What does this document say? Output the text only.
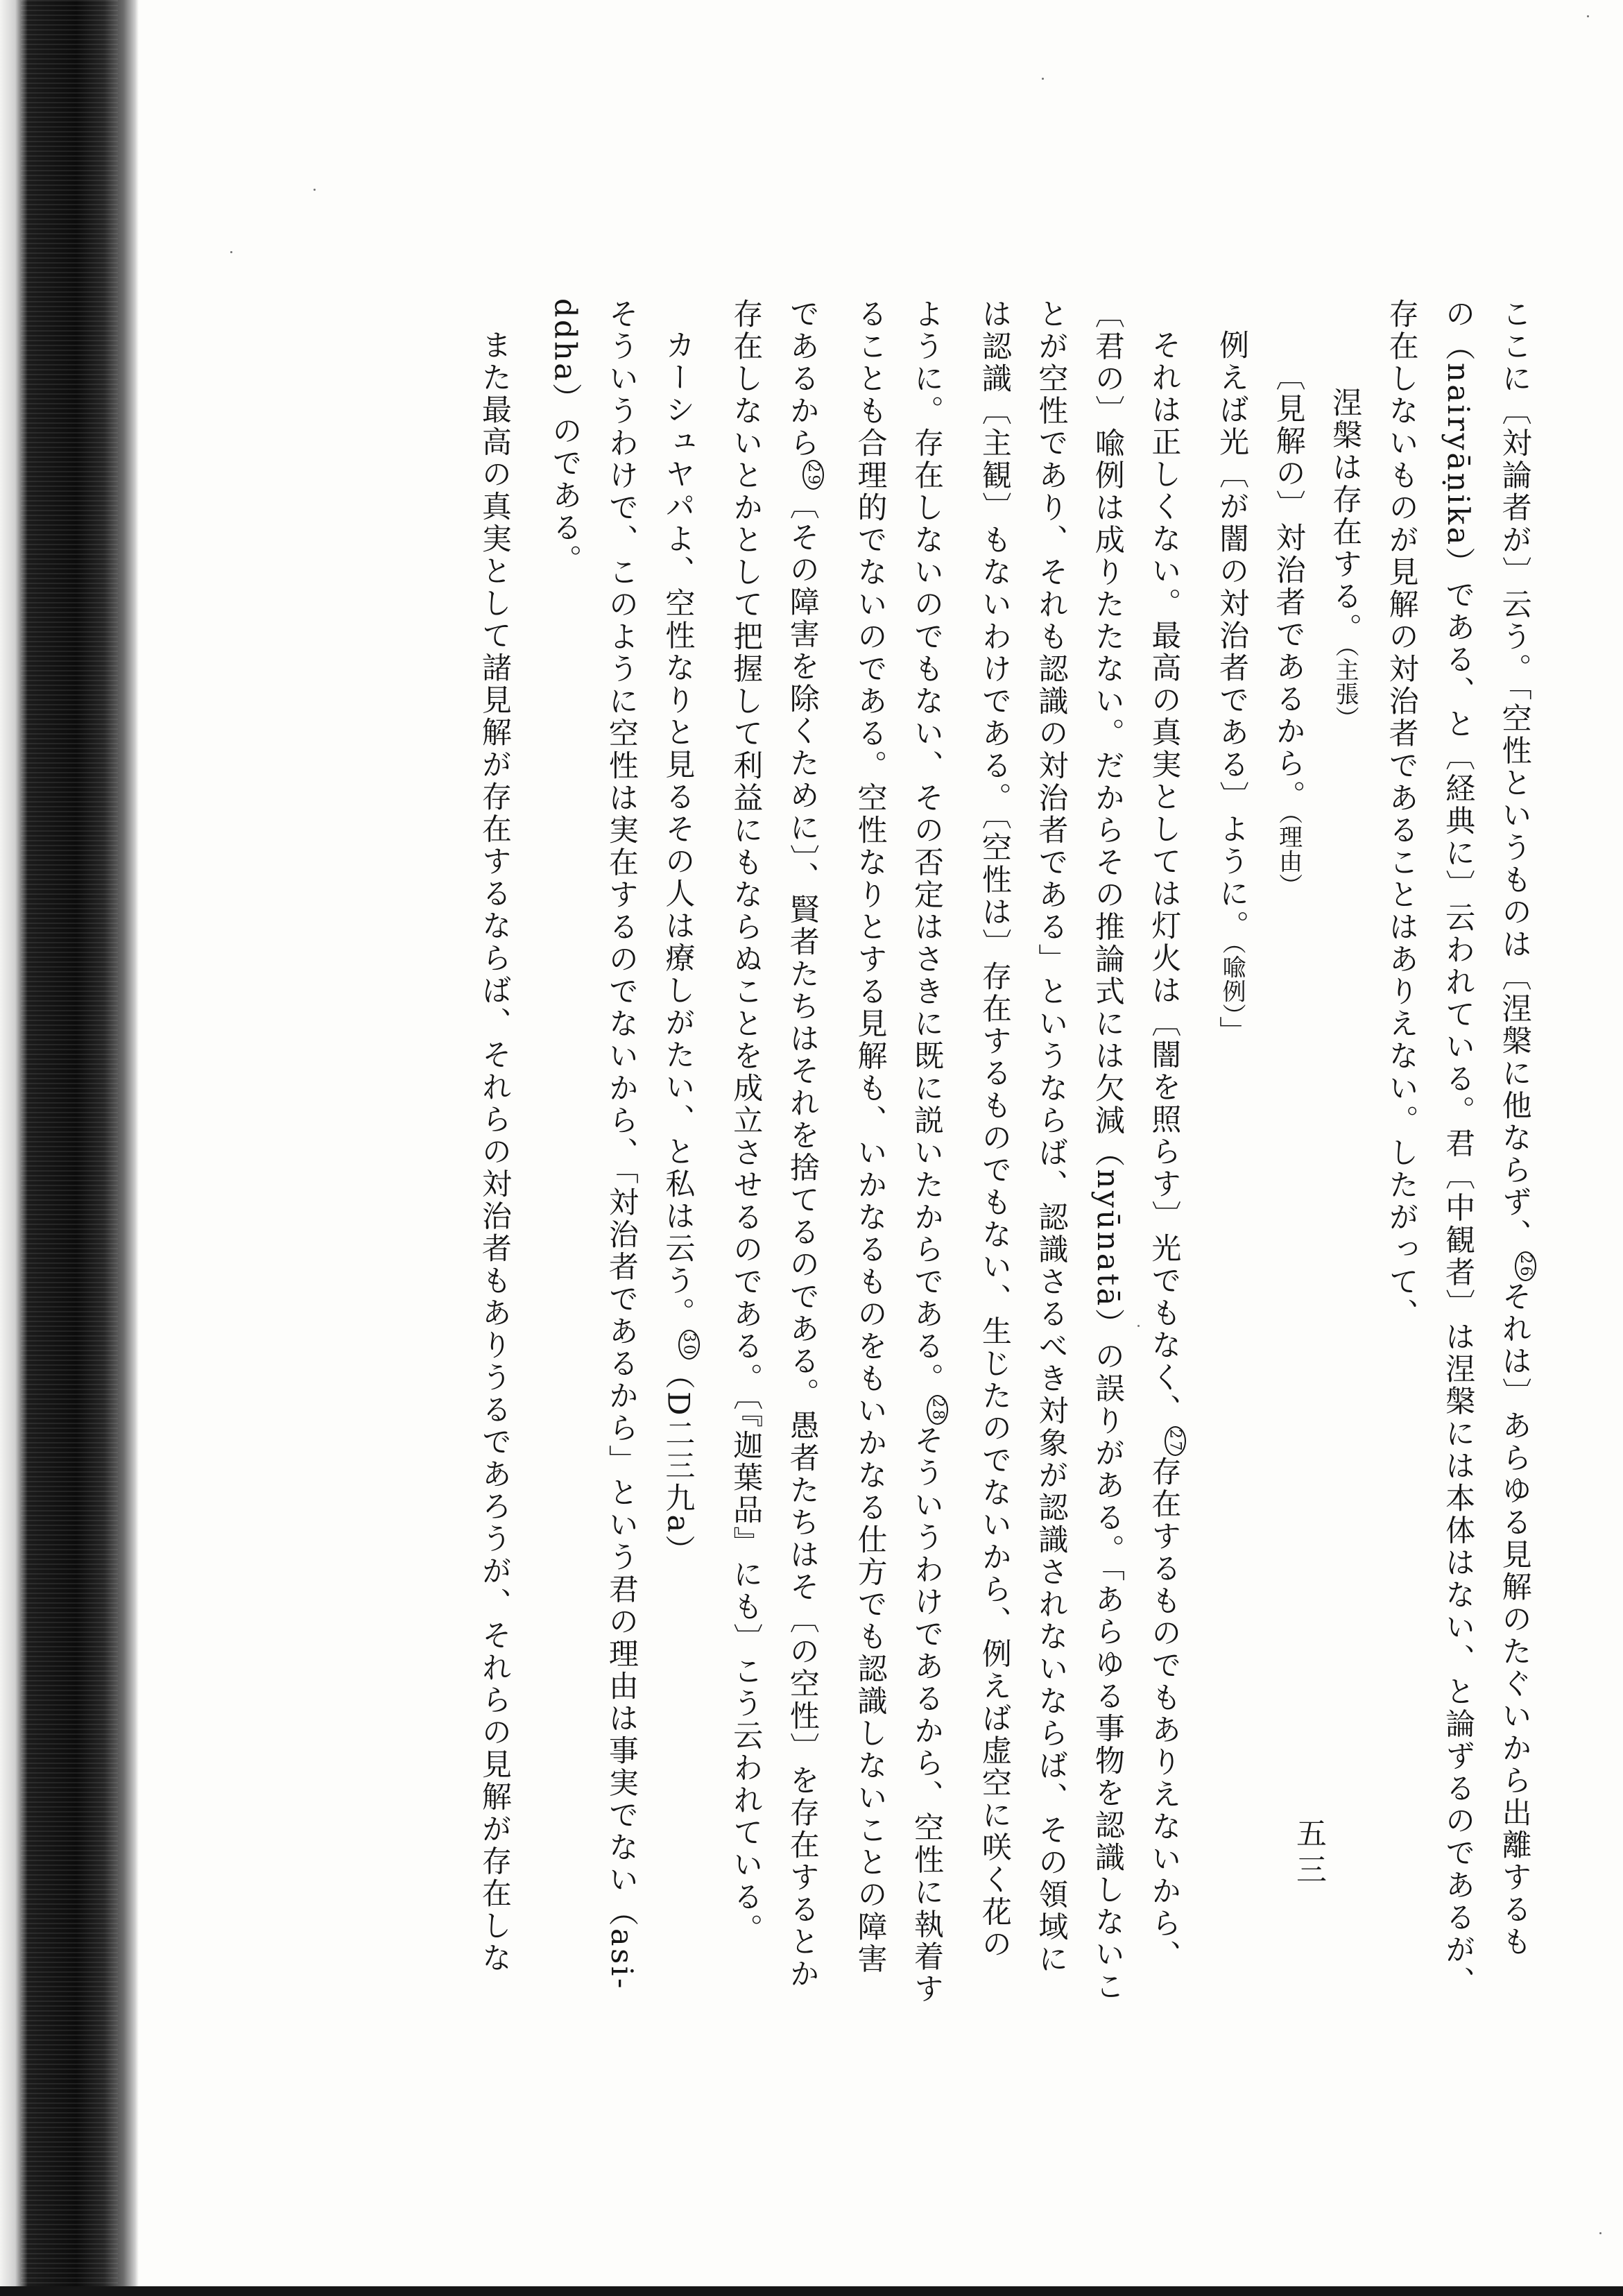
ここに〔対論者が〕云う。「空性というものは〔涅槃に他ならず、$^{26}$それは〕あらゆる見解のたぐいから出離するも
の（nairyāṇika）である、と〔経典に〕云われている。君〔中観者〕は涅槃には本体はない、と論ずるのであるが、
存在しないものが見解の対治者であることはありえない。したがって、
涅槃は存在する。（主張）
〔見解の〕対治者であるから。（理由）
例えば光〔が闇の対治者である〕ように。（喩例）」
それは正しくない。最高の真実としては灯火は〔闇を照らす〕光でもなく、$^{27}$存在するものでもありえないから、
〔君の〕喩例は成りたたない。だからその推論式には欠減（nyūnatā）の誤りがある。「あらゆる事物を認識しないこ
とが空性であり、それも認識の対治者である」というならば、認識さるべき対象が認識されないならば、その領域に
は認識〔主観〕もないわけである。〔空性は〕存在するものでもない、生じたのでないから、例えば虚空に咲く花の
ように。存在しないのでもない、その否定はさきに既に説いたからである。$^{28}$そういうわけであるから、空性に執着す
ることも合理的でないのである。空性なりとする見解も、いかなるものをもいかなる仕方でも認識しないことの障害
であるから$^{29}$〔その障害を除くために〕、賢者たちはそれを捨てるのである。愚者たちはそ〔の空性〕を存在するとか
存在しないとかとして把握して利益にもならぬことを成立させるのである。〔『迦葉品』にも〕こう云われている。
カーシュヤパよ、空性なりと見るその人は療しがたい、と私は云う。$^{30}$（D二三九a）
そういうわけで、このように空性は実在するのでないから、「対治者であるから」という君の理由は事実でない（asi-
ddha）のである。
また最高の真実として諸見解が存在するならば、それらの対治者もありうるであろうが、それらの見解が存在しな	五三
